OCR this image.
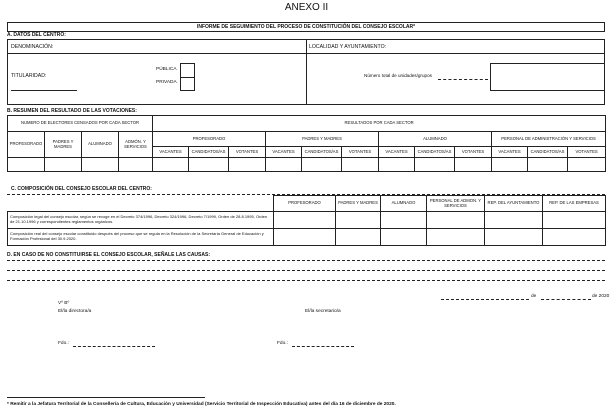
ANEXO II
INFORME DE SEGUIMIENTO DEL PROCESO DE CONSTITUCIÓN DEL CONSEJO ESCOLAR*
A. DATOS DEL CENTRO:
DENOMINACIÓN:	LOCALIDAD Y AYUNTAMIENTO:
TITULARIDAD:
PÚBLICA
PRIVADA
Número total de unidades/grupos
B. RESUMEN DEL RESULTADO DE LAS VOTACIONES:
NUMERO DE ELECTORES CENSADOS POR CADA SECTOR				RESULTADOS POR CADA SECTOR											
PROFESORADO	PADRES Y MADRES	ALUMNADO	ADMÓN. Y SERVICIOS	PROFESORADO			PADRES Y MADRES			ALUMNADO			PERSONAL DE ADMINISTRACIÓN Y SERVICIOS		
				VACANTES	CANDIDATOS/AS	VOTANTES	VACANTES	CANDIDATOS/AS	VOTANTES	VACANTES	CANDIDATOS/AS	VOTANTES	VACANTES	CANDIDATOS/AS	VOTANTES

C. COMPOSICIÓN DEL CONSEJO ESCOLAR DEL CENTRO:
	PROFESORADO	PADRES Y MADRES	ALUMNADO	PERSONAL DE ADMON. Y SERVICIOS	REP. DEL AYUNTAMIENTO	REP. DE LAS EMPRESAS
Composición legal del consejo escolar, según se recoge en el Decreto 374/1996, Decreto 324/1996, Decreto 7/1999, Orden de 28.8.1995, Orden de 21.10.1996 y correspondientes reglamentos orgánicos.						
Composición real del consejo escolar constituido después del proceso que se regula en la Resolución de la Secretaría General de Educación y Formación Profesional del 30.9.2020.						
D. EN CASO DE NO CONSTITUIRSE EL CONSEJO ESCOLAR, SEÑALE LAS CAUSAS:
de	de 2020
Vº Bº
El/la directora/a	El/la secretario/a
Fdo.:	Fdo.:
* Remitir a la Jefatura Territorial de la Consellería de Cultura, Educación y Universidad (Servicio Territorial de Inspección Educativa) antes del día 16 de diciembre de 2020.
